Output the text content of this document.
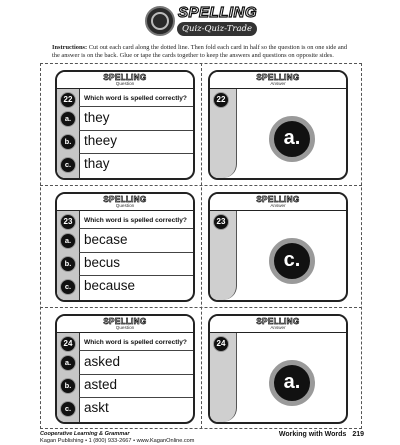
SPELLING
Quiz-Quiz-Trade
Instructions: Cut out each card along the dotted line. Then fold each card in half so the question is on one side and the answer is on the back. Glue or tape the cards together to keep the answers and questions on opposite sides.
SPELLING
Question
22	Which word is spelled correctly?
a. they
b. theey
c. thay
SPELLING
Answer
22
a.
SPELLING
Question
23	Which word is spelled correctly?
a. becase
b. becus
c. because
SPELLING
Answer
23
c.
SPELLING
Question
24	Which word is spelled correctly?
a. asked
b. asted
c. askt
SPELLING
Answer
24
a.
Cooperative Learning & Grammar
Kagan Publishing • 1 (800) 933-2667 • www.KaganOnline.com
Working with Words 219
